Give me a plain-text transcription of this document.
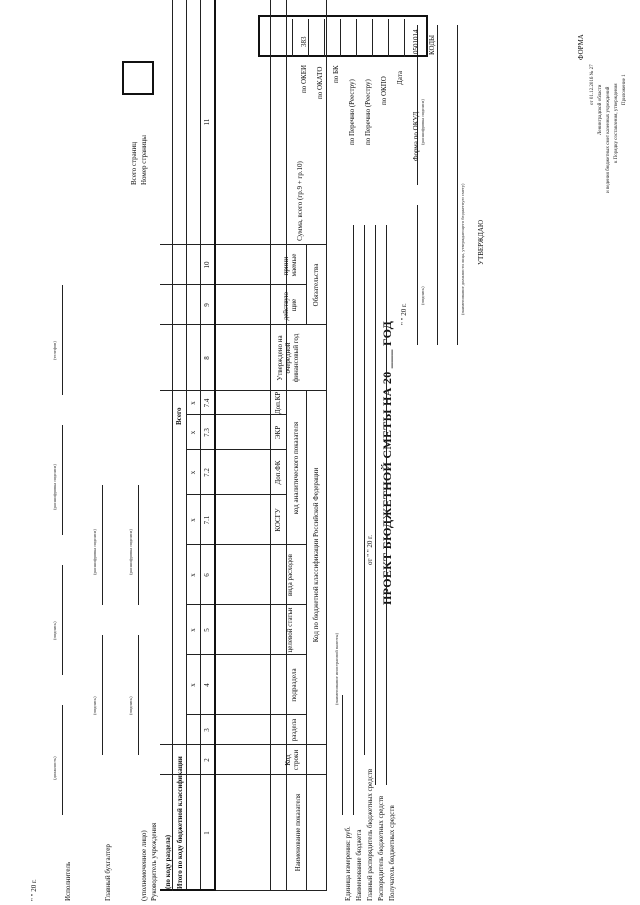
Приложение 1
к Порядку составления, утверждения
и ведения бюджетных смет казенных учреждений
Ленинградской области
от 01.12.2016 № 27
ФОРМА
УТВЕРЖДАЮ
(наименование должности лица, утверждающего бюджетную смету)
(подпись)
(расшифровка подписи)
" " 20 г.
ПРОЕКТ БЮДЖЕТНОЙ СМЕТЫ НА 20 ___ ГОД
от " " 20 г.
КОДЫ
Форма по ОКУД
0501014
Дата
по ОКПО
по Перечню (Реестру)
по Перечню (Реестру)
по БК
по ОКАТО
по ОКЕИ
383
Получатель бюджетных средств
Распорядитель бюджетных средств
Главный распорядитель бюджетных средств
Наименование бюджета
Единица измерения: руб.
(наименование иностранной валюты)
Наименование показателя
Код строки
Код по бюджетной классификации Российской Федерации
раздела
подраздела
целевой статьи
вида расходов
код аналитического показателя
КОСГУ
Доп.ФК
ЭКР
Доп.КР
Утверждено на очередной финансовый год
Обязательства
действую-щие
прини-маемые
Сумма, всего (гр.9 + гр.10)
1
2
3
4
5
6
7.1
7.2
7.3
7.4
8
9
10
11
x
x
x
x
x
x
x
Итого по коду бюджетной классификации
(по коду раздела)
Всего
Номер страницы
Всего страниц
Руководитель учреждения
(уполномоченное лицо)
(подпись)
(расшифровка подписи)
Главный бухгалтер
(подпись)
(расшифровка подписи)
Исполнитель
(должность)
(подпись)
(расшифровка подписи)
(телефон)
" " 20 г.
